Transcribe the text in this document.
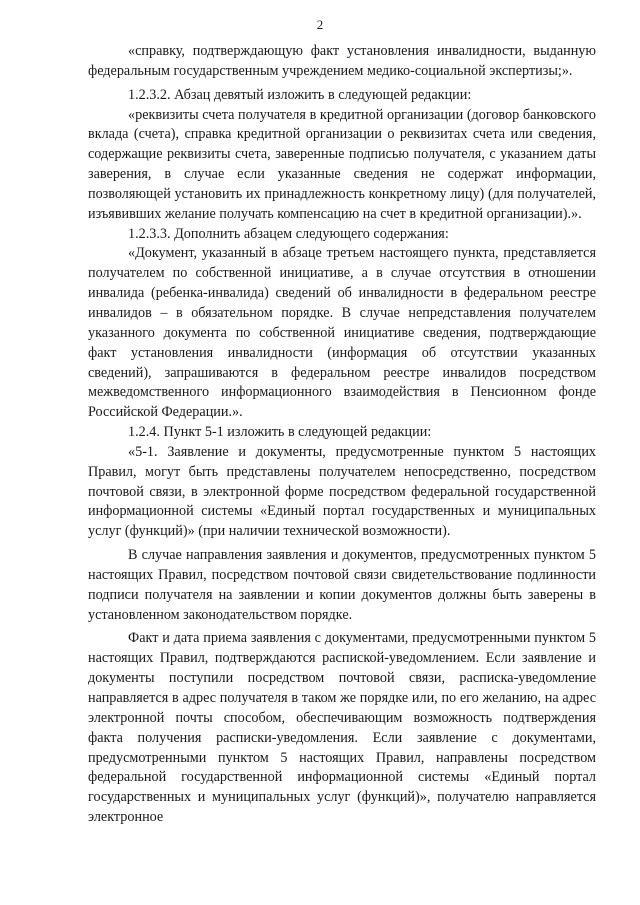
2

«справку, подтверждающую факт установления инвалидности, выданную федеральным государственным учреждением медико-социальной экспертизы;».

1.2.3.2. Абзац девятый изложить в следующей редакции:

«реквизиты счета получателя в кредитной организации (договор банковского вклада (счета), справка кредитной организации о реквизитах счета или сведения, содержащие реквизиты счета, заверенные подписью получателя, с указанием даты заверения, в случае если указанные сведения не содержат информации, позволяющей установить их принадлежность конкретному лицу) (для получателей, изъявивших желание получать компенсацию на счет в кредитной организации).».

1.2.3.3. Дополнить абзацем следующего содержания:

«Документ, указанный в абзаце третьем настоящего пункта, представляется получателем по собственной инициативе, а в случае отсутствия в отношении инвалида (ребенка-инвалида) сведений об инвалидности в федеральном реестре инвалидов – в обязательном порядке. В случае непредставления получателем указанного документа по собственной инициативе сведения, подтверждающие факт установления инвалидности (информация об отсутствии указанных сведений), запрашиваются в федеральном реестре инвалидов посредством межведомственного информационного взаимодействия в Пенсионном фонде Российской Федерации.».

1.2.4. Пункт 5-1 изложить в следующей редакции:

«5-1. Заявление и документы, предусмотренные пунктом 5 настоящих Правил, могут быть представлены получателем непосредственно, посредством почтовой связи, в электронной форме посредством федеральной государственной информационной системы «Единый портал государственных и муниципальных услуг (функций)» (при наличии технической возможности).

В случае направления заявления и документов, предусмотренных пунктом 5 настоящих Правил, посредством почтовой связи свидетельствование подлинности подписи получателя на заявлении и копии документов должны быть заверены в установленном законодательством порядке.

Факт и дата приема заявления с документами, предусмотренными пунктом 5 настоящих Правил, подтверждаются распиской-уведомлением. Если заявление и документы поступили посредством почтовой связи, расписка-уведомление направляется в адрес получателя в таком же порядке или, по его желанию, на адрес электронной почты способом, обеспечивающим возможность подтверждения факта получения расписки-уведомления. Если заявление с документами, предусмотренными пунктом 5 настоящих Правил, направлены посредством федеральной государственной информационной системы «Единый портал государственных и муниципальных услуг (функций)», получателю направляется электронное
